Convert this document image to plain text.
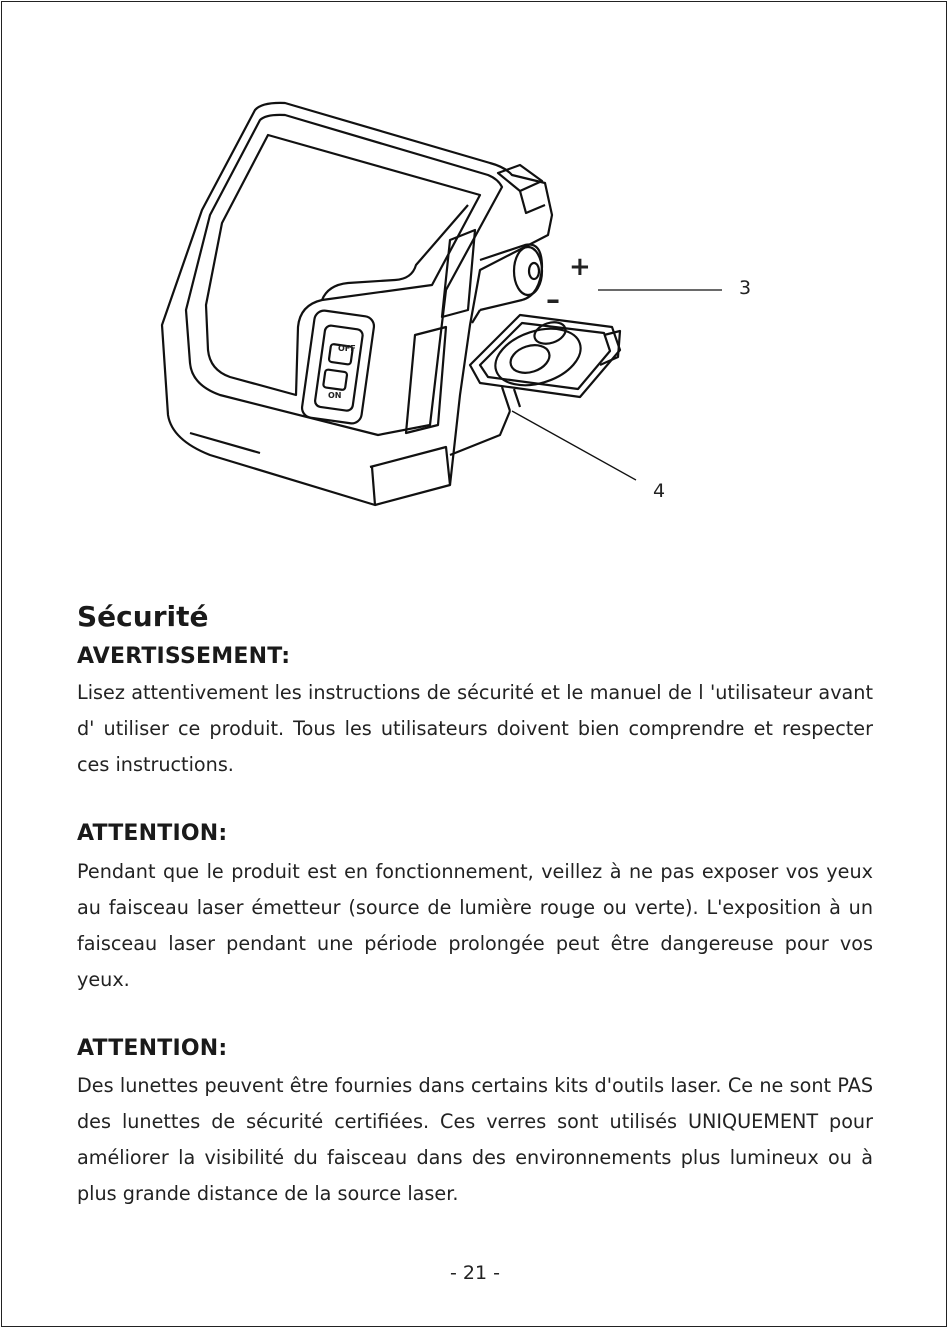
+
–	3
4
OFF
ON
Sécurité
AVERTISSEMENT:

Lisez attentivement les instructions de sécurité et le manuel de l 'utilisateur avant d' utiliser ce produit. Tous les utilisateurs doivent bien comprendre et respecter ces instructions.

ATTENTION:

Pendant que le produit est en fonctionnement, veillez à ne pas exposer vos yeux au faisceau laser émetteur (source de lumière rouge ou verte). L'exposition à un faisceau laser pendant une période prolongée peut être dangereuse pour vos yeux.

ATTENTION:

Des lunettes peuvent être fournies dans certains kits d'outils laser. Ce ne sont PAS des lunettes de sécurité certifiées. Ces verres sont utilisés UNIQUEMENT pour améliorer la visibilité du faisceau dans des environnements plus lumineux ou à plus grande distance de la source laser.

- 21 -
